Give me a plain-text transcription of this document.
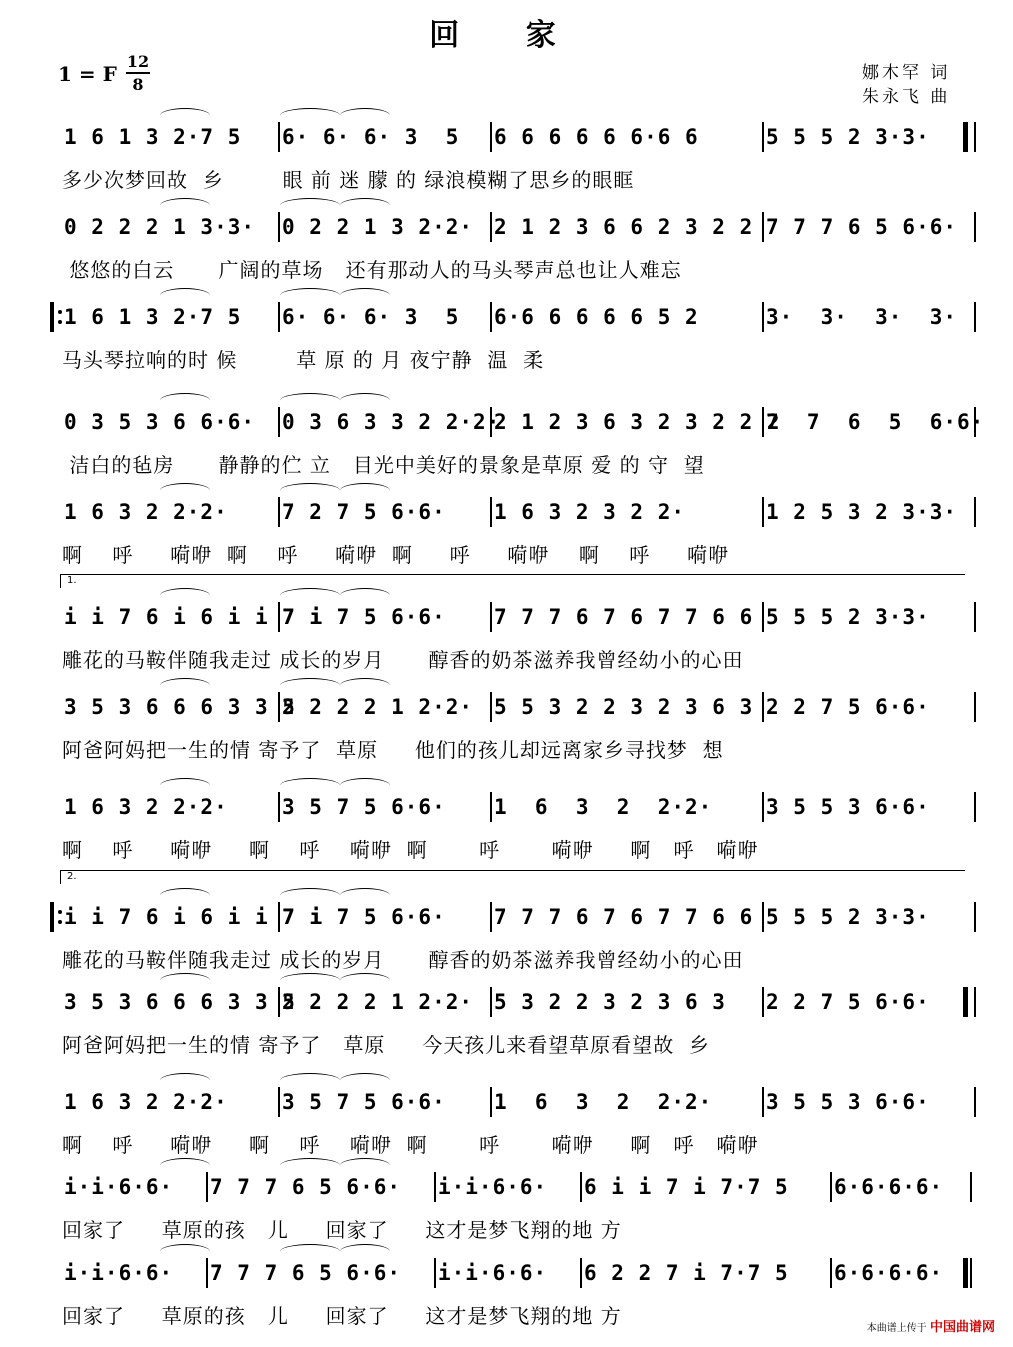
回 家
1 = F
12
8
娜木罕 词
朱永飞 曲
1 6 1 3 2·7 5 6· 6· 6· 3  5 6 6 6 6 6 6·6 6	5 5 5 2 3·3·
多少次梦回故  乡        眼 前 迷 朦 的 绿浪模糊了思乡的眼眶
0 2 2 2 1 3·3· 0 2 2 1 3 2·2· 2 1 2 3 6 6 2 3 2 2 7 7 7 6 5 6·6·
悠悠的白云      广阔的草场   还有那动人的马头琴声总也让人难忘
1 6 1 3 2·7 5 6· 6· 6· 3  5 6·6 6 6 6 6 5 2	3·  3·  3·  3·
马头琴拉响的时 候        草 原 的 月 夜宁静  温  柔
0 3 5 3 6 6·6· 0 3 6 3 3 2 2·2·
2 1 2 3 6 3 2 3 2 2 2
7  7  6  5  6·6·
洁白的毡房      静静的伫 立   目光中美好的景象是草原 爱 的 守  望
1 6 3 2 2·2·	7 2 7 5 6·6· 1 6 3 2 3 2 2·	1 2 5 3 2 3·3·
啊    呼     嗬咿  啊    呼     嗬咿  啊     呼     嗬咿    啊    呼     嗬咿
i i 7 6 i 6 i i 7 i
7 i 7 5 6·6· 7 7 7 6 7 6 7 7 6 6 5 5 5 2 3·3·
雕花的马鞍伴随我走过 成长的岁月      醇香的奶茶滋养我曾经幼小的心田
3 5 3 6 6 6 3 3 5
2 2 2 2 1 2·2· 5 5 3 2 2 3 2 3 6 3 2 2 7 5 6·6·
阿爸阿妈把一生的情 寄予了  草原     他们的孩儿却远离家乡寻找梦  想
1 6 3 2 2·2·	3 5 7 5 6·6· 1  6  3  2  2·2·	3 5 5 3 6·6·
啊    呼     嗬咿     啊    呼    嗬咿  啊       呼       嗬咿     啊   呼   嗬咿
i i 7 6 i 6 i i 7 i
7 i 7 5 6·6· 7 7 7 6 7 6 7 7 6 6 5 5 5 2 3·3·
雕花的马鞍伴随我走过 成长的岁月      醇香的奶茶滋养我曾经幼小的心田
3 5 3 6 6 6 3 3 5
2 2 2 2 1 2·2· 5 3 2 2 3 2 3 6 3 2 2 7 5 6·6·
阿爸阿妈把一生的情 寄予了   草原     今天孩儿来看望草原看望故  乡
1 6 3 2 2·2·	3 5 7 5 6·6· 1  6  3  2  2·2·	3 5 5 3 6·6·
啊    呼     嗬咿     啊    呼    嗬咿  啊       呼       嗬咿     啊   呼   嗬咿
i·i·6·6· 7 7 7 6 5 6·6· i·i·6·6· 6 i i 7 i 7·7 5 6·6·6·6·
回家了     草原的孩   儿     回家了     这才是梦飞翔的地 方
i·i·6·6· 7 7 7 6 5 6·6· i·i·6·6· 6 2 2 7 i 7·7 5 6·6·6·6·
回家了     草原的孩   儿     回家了     这才是梦飞翔的地 方
1.
2.
本曲谱上传于 中国曲谱网
